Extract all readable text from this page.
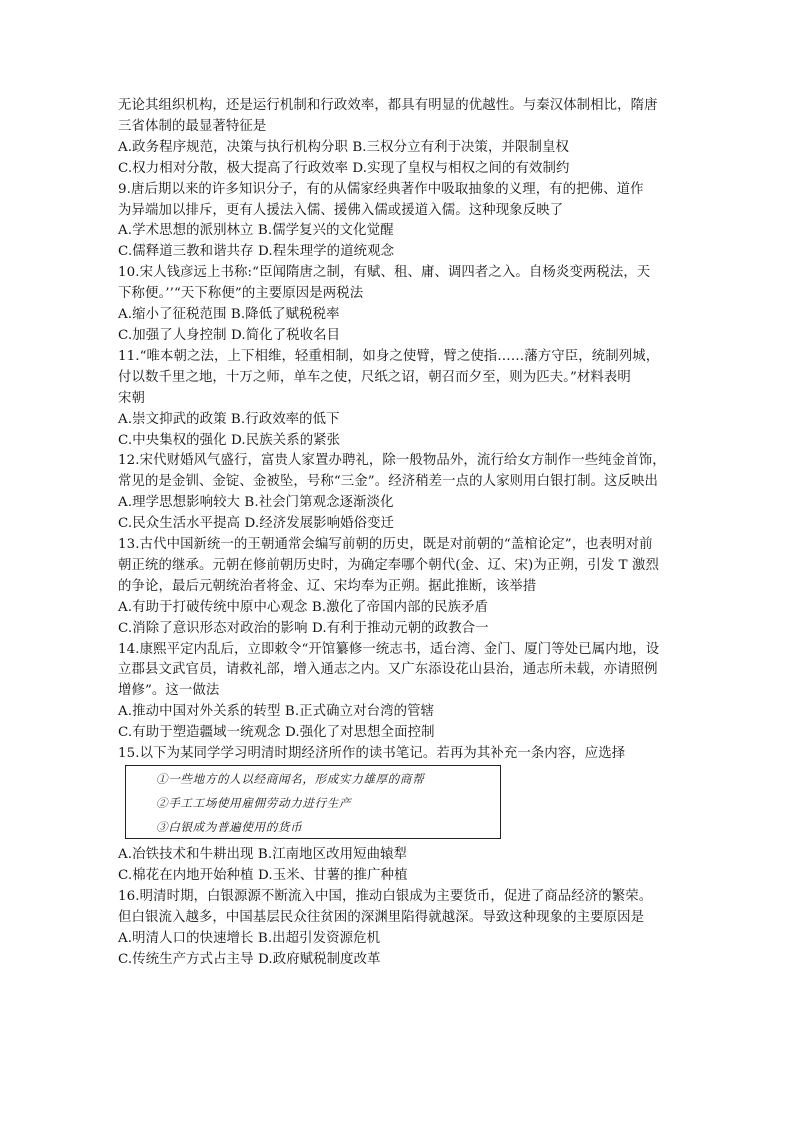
无论其组织机构，还是运行机制和行政效率，都具有明显的优越性。与秦汉体制相比，隋唐

三省体制的最显著特征是

A.政务程序规范，决策与执行机构分职 B.三权分立有利于决策，并限制皇权

C.权力相对分散，极大提高了行政效率 D.实现了皇权与相权之间的有效制约

9.唐后期以来的许多知识分子，有的从儒家经典著作中吸取抽象的义理，有的把佛、道作

为异端加以排斥，更有人援法入儒、援佛入儒或援道入儒。这种现象反映了

A.学术思想的派别林立 B.儒学复兴的文化觉醒

C.儒释道三教和谐共存 D.程朱理学的道统观念

10.宋人钱彦远上书称:“臣闻隋唐之制，有赋、租、庸、调四者之入。自杨炎变两税法，天

下称便。’’“天下称便”的主要原因是两税法

A.缩小了征税范围 B.降低了赋税税率

C.加强了人身控制 D.简化了税收名目

11.“唯本朝之法，上下相维，轻重相制，如身之使臂，臂之使指……藩方守臣，统制列城，

付以数千里之地，十万之师，单车之使，尺纸之诏，朝召而夕至，则为匹夫。”材料表明

宋朝

A.崇文抑武的政策 B.行政效率的低下

C.中央集权的强化 D.民族关系的紧张

12.宋代财婚风气盛行，富贵人家置办聘礼，除一般物品外，流行给女方制作一些纯金首饰，

常见的是金钏、金锭、金被坠，号称“三金”。经济稍差一点的人家则用白银打制。这反映出

A.理学思想影响较大 B.社会门第观念逐渐淡化

C.民众生活水平提高 D.经济发展影响婚俗变迁

13.古代中国新统一的王朝通常会编写前朝的历史，既是对前朝的“盖棺论定”，也表明对前

朝正统的继承。元朝在修前朝历史时，为确定奉哪个朝代(金、辽、宋)为正朔，引发 T 激烈

的争论，最后元朝统治者将金、辽、宋均奉为正朔。据此推断，该举措

A.有助于打破传统中原中心观念 B.激化了帝国内部的民族矛盾

C.消除了意识形态对政治的影响 D.有利于推动元朝的政教合一

14.康熙平定内乱后，立即敕令“开馆纂修一统志书，适台湾、金门、厦门等处已属内地，设

立郡县文武官员，请救礼部，增入通志之内。又广东添设花山县治，通志所未载，亦请照例

增修”。这一做法

A.推动中国对外关系的转型 B.正式确立对台湾的管辖

C.有助于塑造疆域一统观念 D.强化了对思想全面控制

15.以下为某同学学习明清时期经济所作的读书笔记。若再为其补充一条内容，应选择

①一些地方的人以经商闻名，形成实力雄厚的商帮

②手工工场使用雇佣劳动力进行生产

③白银成为普遍使用的货币

A.冶铁技术和牛耕出现 B.江南地区改用短曲辕犁

C.棉花在内地开始种植 D.玉米、甘薯的推广种植

16.明清时期，白银源源不断流入中国，推动白银成为主要货币，促进了商品经济的繁荣。

但白银流入越多，中国基层民众往贫困的深渊里陷得就越深。导致这种现象的主要原因是

A.明清人口的快速增长 B.出超引发资源危机

C.传统生产方式占主导 D.政府赋税制度改革
